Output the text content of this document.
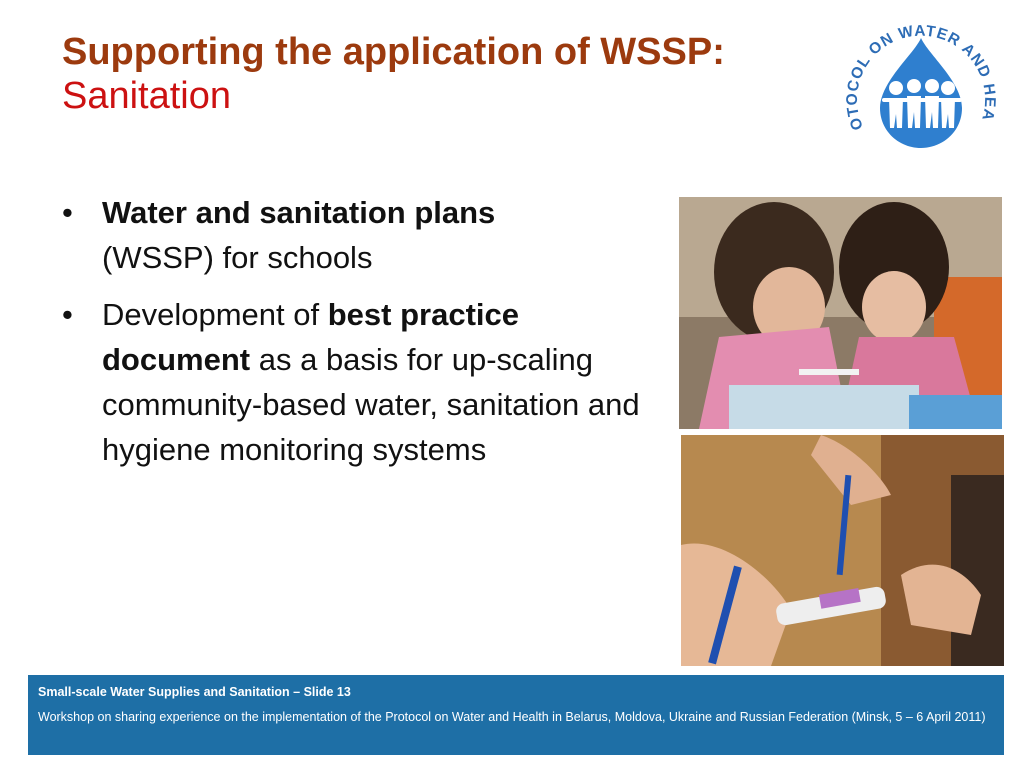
Supporting the application of WSSP:
Sanitation
OTOCOL ON WATER AND HEA
• Water and sanitation plans
(WSSP) for schools
• Development of best practice document as a basis for up-scaling community-based water, sanitation and hygiene monitoring systems
Small-scale Water Supplies and Sanitation – Slide 13
Workshop on sharing experience on the implementation of the Protocol on Water and Health in Belarus, Moldova, Ukraine and Russian Federation (Minsk, 5 – 6 April 2011)
